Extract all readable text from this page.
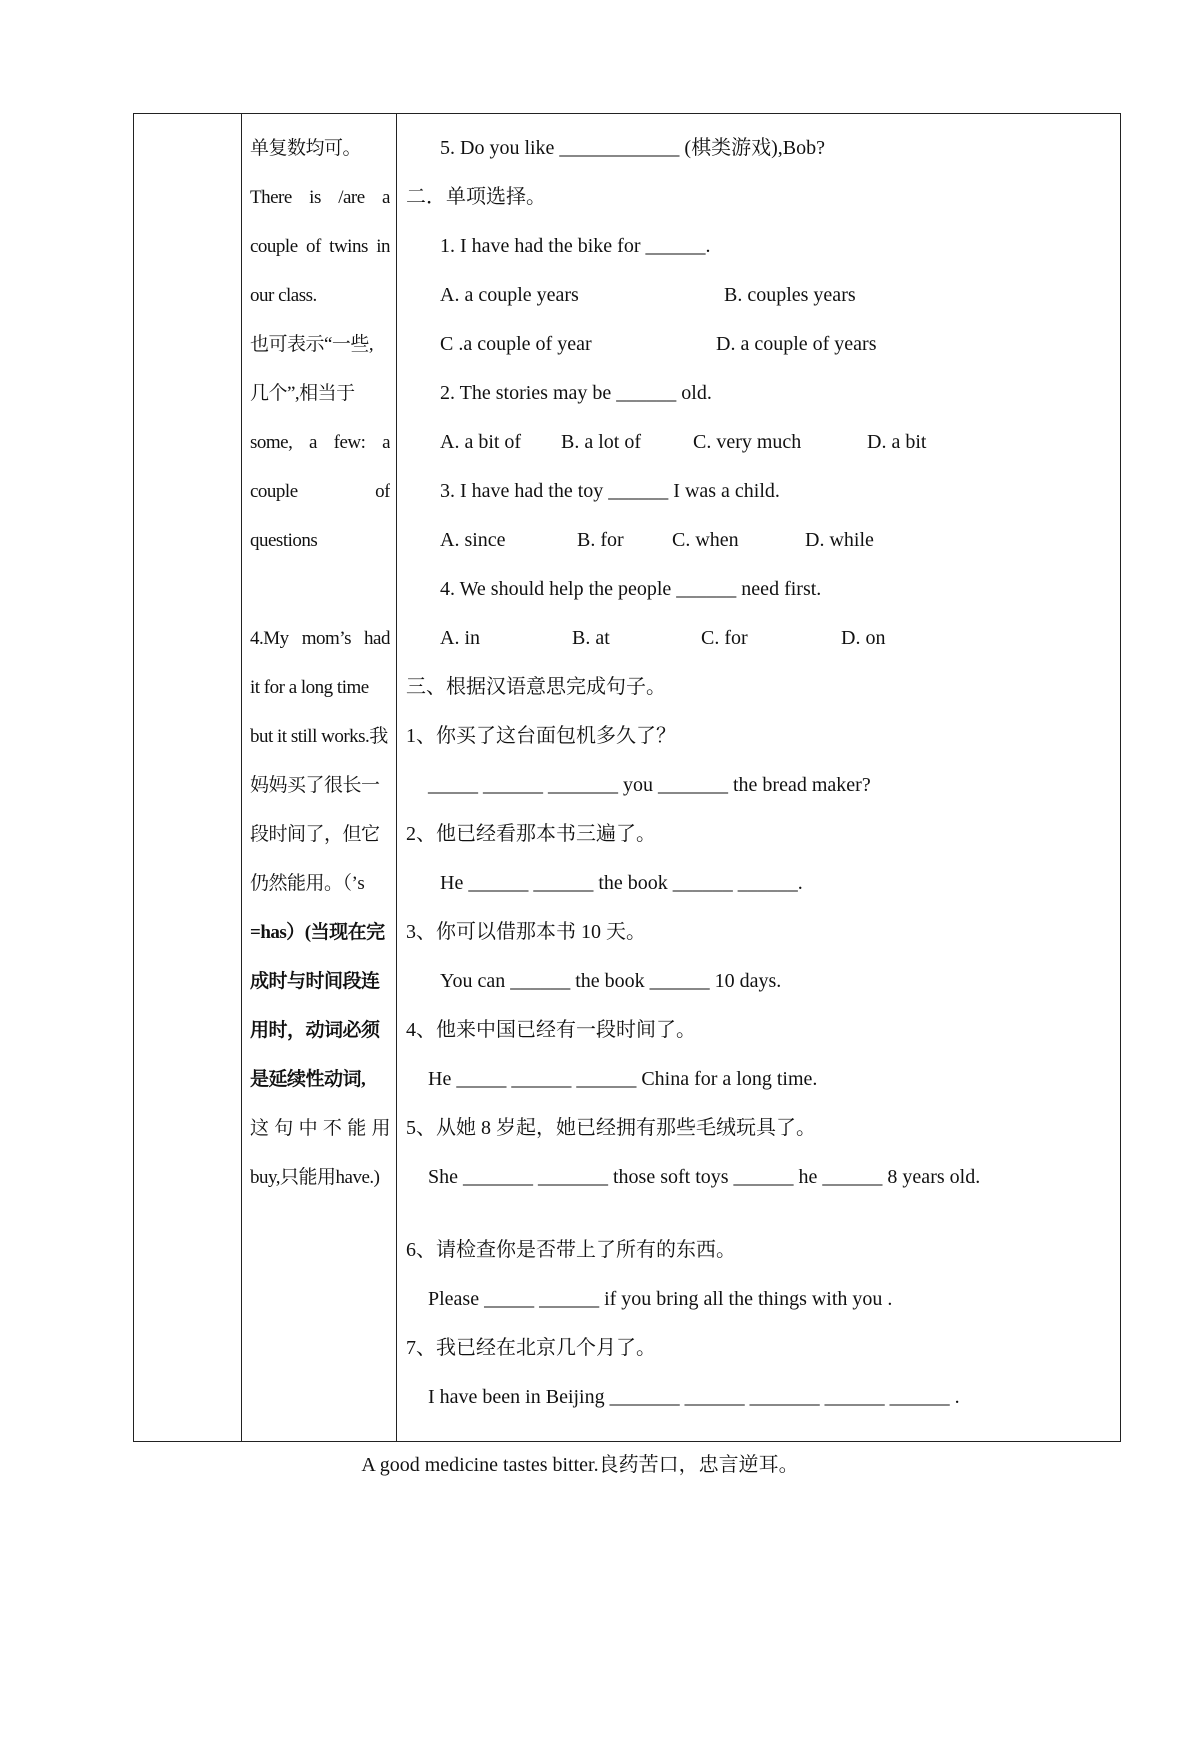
单复数均可。
There is /are a
couple of twins in
our class.
也可表示“一些,
几个”,相当于
some, a few: a
couple of
questions
4.My mom’s had
it for a long time
but it still works.我
妈妈买了很长一
段时间了，但它
仍然能用。（’s
=has）(当现在完
成时与时间段连
用时，动词必须
是延续性动词,
这句中不能用
buy,只能用have.)
5. Do you like ____________ (棋类游戏),Bob?
二．单项选择。
1. I have had the bike for ______.
A. a couple years	B. couples years
C .a couple of year	D. a couple of years
2. The stories may be ______ old.
A. a bit of B. a lot of	C. very much	D. a bit
3. I have had the toy ______ I was a child.
A. since	B. for C. when	D. while
4. We should help the people ______ need first.
A. in	B. at	C. for	D. on
三、根据汉语意思完成句子。
1、你买了这台面包机多久了？
_____ ______ _______ you _______ the bread maker?
2、他已经看那本书三遍了。
He ______ ______ the book ______ ______.
3、你可以借那本书 10 天。
You can ______ the book ______ 10 days.
4、他来中国已经有一段时间了。
He _____ ______ ______ China for a long time.
5、从她 8 岁起，她已经拥有那些毛绒玩具了。
She _______ _______ those soft toys ______ he ______ 8 years old.
6、请检查你是否带上了所有的东西。
Please _____ ______ if you bring all the things with you .
7、我已经在北京几个月了。
I have been in Beijing _______ ______ _______ ______ ______ .
A good medicine tastes bitter.良药苦口，忠言逆耳。
